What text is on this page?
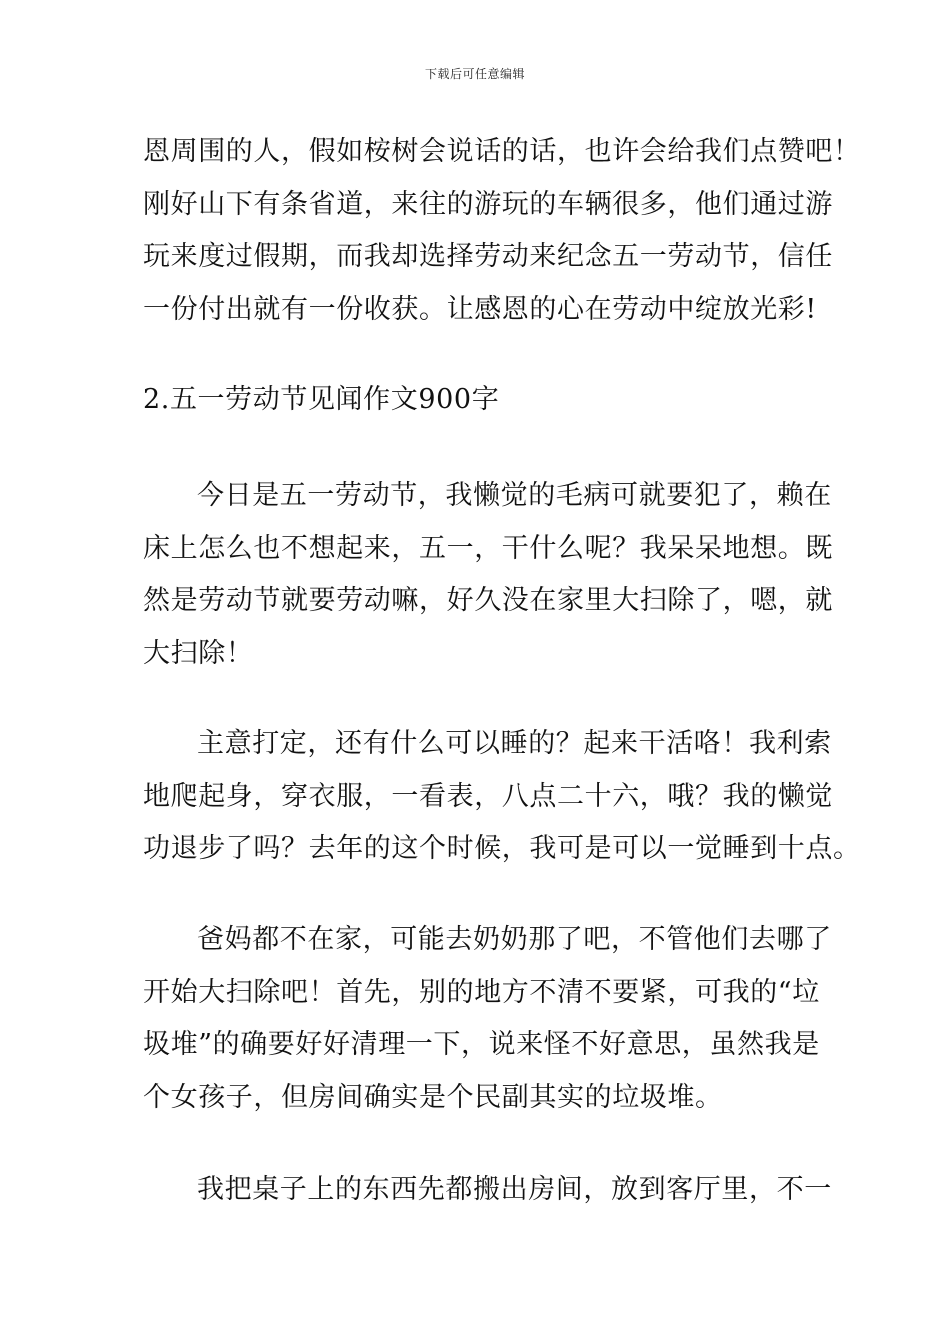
下载后可任意编辑
恩周围的人，假如桉树会说话的话，也许会给我们点赞吧！
刚好山下有条省道，来往的游玩的车辆很多，他们通过游
玩来度过假期，而我却选择劳动来纪念五一劳动节，信任
一份付出就有一份收获。让感恩的心在劳动中绽放光彩!
2.五一劳动节见闻作文900字
今日是五一劳动节，我懒觉的毛病可就要犯了，赖在
床上怎么也不想起来，五一，干什么呢？我呆呆地想。既
然是劳动节就要劳动嘛，好久没在家里大扫除了，嗯，就
大扫除！
主意打定，还有什么可以睡的？起来干活咯！我利索
地爬起身，穿衣服，一看表，八点二十六，哦？我的懒觉
功退步了吗？去年的这个时候，我可是可以一觉睡到十点。
爸妈都不在家，可能去奶奶那了吧，不管他们去哪了
开始大扫除吧！首先，别的地方不清不要紧，可我的“垃
圾堆”的确要好好清理一下，说来怪不好意思，虽然我是
个女孩子，但房间确实是个民副其实的垃圾堆。
我把桌子上的东西先都搬出房间，放到客厅里，不一
